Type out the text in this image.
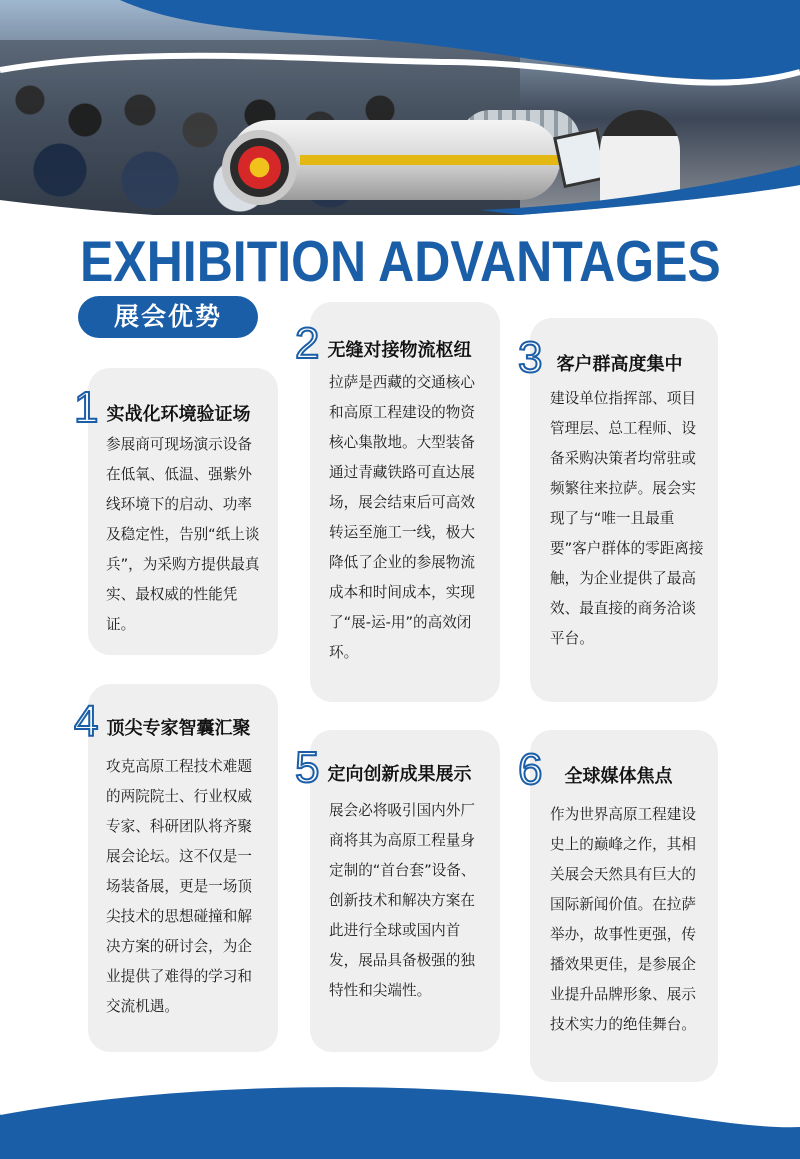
EXHIBITION ADVANTAGES
展会优势
1 实战化环境验证场
参展商可现场演示设备在低氧、低温、强紫外线环境下的启动、功率及稳定性，告别“纸上谈兵”，为采购方提供最真实、最权威的性能凭证。
2 无缝对接物流枢纽
拉萨是西藏的交通核心和高原工程建设的物资核心集散地。大型装备通过青藏铁路可直达展场，展会结束后可高效转运至施工一线，极大降低了企业的参展物流成本和时间成本，实现了“展-运-用”的高效闭环。
3 客户群高度集中
建设单位指挥部、项目管理层、总工程师、设备采购决策者均常驻或频繁往来拉萨。展会实现了与“唯一且最重要”客户群体的零距离接触，为企业提供了最高效、最直接的商务洽谈平台。
4 顶尖专家智囊汇聚
攻克高原工程技术难题的两院院士、行业权威专家、科研团队将齐聚展会论坛。这不仅是一场装备展，更是一场顶尖技术的思想碰撞和解决方案的研讨会，为企业提供了难得的学习和交流机遇。
5 定向创新成果展示
展会必将吸引国内外厂商将其为高原工程量身定制的“首台套”设备、创新技术和解决方案在此进行全球或国内首发，展品具备极强的独特性和尖端性。
6 全球媒体焦点
作为世界高原工程建设史上的巅峰之作，其相关展会天然具有巨大的国际新闻价值。在拉萨举办，故事性更强，传播效果更佳，是参展企业提升品牌形象、展示技术实力的绝佳舞台。
